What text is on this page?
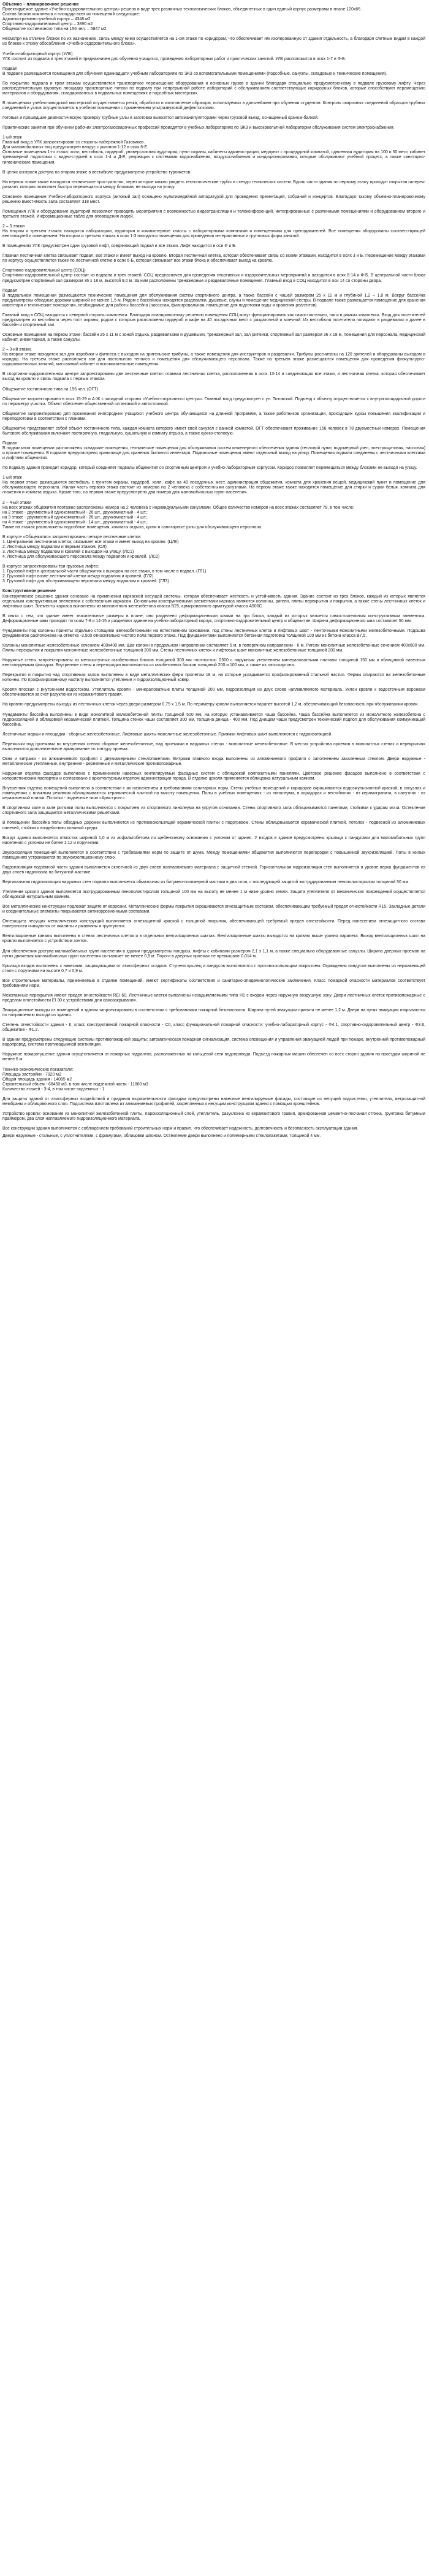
Объемно – планировочное решение

Проектируемое здание «Учебно-оздоровительного центра» решено в виде трех различных технологических блоков, объединенных в один единый корпус размерами в плане 120х66.

Состав блоков комплекса и площади всех их помещений следующие:

Административно-учебный корпус – 4348 м2

Спортивно-оздоровительный центр – 3890 м2

Общежитие гостиничного типа на 156 чел. – 5847 м2

Несмотря на отличие блоков по их назначению, связь между ними осуществляется на 1-ом этаже по коридорам, что обеспечивает им изолированную от здания отдельность, а благодаря слитным видам в каждой из блоков к отсеку обособления «Учебно-оздоровительного блока».

Учебно-лабораторный корпус (УЛК)

УЛК состоит из подвала и трех этажей и предназначен для обучения учащихся, проведения лабораторных работ и практических занятий. УЛК расположится в осях 1-7 и Ф-Б.

Подвал

В подвале размещаются помещения для обучения одиннадцати учебным лабораториям по ЭКЗ со вспомогательными помещениями (подсобные, санузлы, складовые и технические помещения).

По покрытию подвала и трем этажам осуществляется транспортное перемещение оборудования и основных грузов в здании благодаря специально предусмотренному в подвале грузовому лифту. Через распределительную грузовую площадку транспортные потоки по подвалу при непрерывной работе лабораторий с обслуживанием соответствующих коридорных блоков, которые способствуют перемещению материалов и оборудования, складированных в подвальных помещениях и подсобных мастерских.

В помещениях учебно-заводской мастерской осуществляется резка, обработка и изготовление образцов, используемых в дальнейшем при обучении студентов. Контроль сварочных соединений образцов трубных соединений и узлов осуществляется в учебном помещении с применением ультразвуковой дефектоскопии.

Готовые и прошедшие диагностическую проверку трубные узлы и заготовки вывозятся автоманипуляторами через грузовой въезд, оснащенный краном-балкой.

Практические занятия при обучении рабочих электрогазосварочных профессий проводятся в учебных лабораториях по ЭКЗ и высоковольтной лаборатории обслуживания систем электроснабжения.

1-ый этаж

Главный вход в УЛК запроектирован со стороны набережной Газовиков.

Для маломобильных лиц предусмотрен пандус с уклоном 1:12 в осях 6-Е.

Основные помещения 1-го этажа: холл, вестибюль, гардероб, универсальная аудитория, пункт охраны, кабинеты администрации, медпункт с процедурной комнатой, сдвоенная аудитория на 100 и 50 мест, кабинет тренажерной подготовки с видео-студией в осях 1-4 и Д-Е, рекреации с системами водоснабжения, воздухоснабжения и кондиционирования, которые обслуживают учебный процесс, а также санитарно-гигиенические помещения.

В целях контроля доступа на втором этаже в вестибюле предусмотрено устройство турникетов.

На первом этаже также находится техническое пространство, через которое можно увидеть технологические трубы и стенды технических систем. Вдоль части здания по первому этажу проходит открытая галерея-ризалит, которая позволяет быстро перемещаться между блоками, не выходя на улицу.

Основное помещение Учебно-лабораторного корпуса (актовый зал) оснащено мультимедийной аппаратурой для проведения презентаций, собраний и концертов. Благодаря такому объемно-планировочному решению вместимость зала составляет 318 мест.

Помещения УЛК и оборудование аудиторий позволяют проводить мероприятия с возможностью видеотрансляции и телеконференций, интегрированные с различными помещениями и оборудованием второго и третьего этажей. Информационные табло для оповещения людей.

2 – 3 этажи

На втором и третьем этажах находятся лаборатории, аудитории и компьютерные классы с лабораторными комнатами и помещениями для преподавателей. Все помещения оборудованы соответствующей вентиляцией и освещением. На втором и третьем этажах в осях 1-3 находятся помещения для проведения интерактивных и групповых форм занятий.

В помещениях УЛК предусмотрен один грузовой лифт, соединяющий подвал и все этажи. Лифт находится в оси Ф и Б.

Главная лестничная клетка связывает подвал, все этажи и имеет выход на кровлю. Вторая лестничная клетка, которая обеспечивает связь со всеми этажами, находится в осях 3 и Б. Перемещение между этажами по корпусу осуществляется также по лестничной клетке в осях 6-Б, которая связывает все этажи блока и обеспечивает выход на кровлю.

Спортивно-оздоровительный центр (СОЦ)

Спортивно-оздоровительный центр состоит из подвала и трех этажей. СОЦ предназначен для проведения спортивных и оздоровительных мероприятий и находится в осях 8-14 и Ф-Б. В центральной части блока предусмотрен спортивный зал размером 36 х 18 м, высотой 9,0 м. За ним расположены тренажерные и раздевалочные помещения. Главный вход в СОЦ находится в оси 14 со стороны двора.

Подвал

В подвальном помещении размещаются технические помещения для обслуживания систем спортивного центра, а также бассейн с чашей размером 25 х 11 м и глубиной 1,2 – 1,8 м. Вокруг бассейна предусмотрены обходные дорожки шириной не менее 1,5 м. Рядом с бассейном находятся раздевалки, душевые, сауны и помещение медицинской сестры. В подвале также размещается помещение для хранения инвентаря и технические помещения, необходимые для работы бассейна (насосная, фильтровальная, помещение для подготовки воды и хранения реагентов).

Главный вход в СОЦ находится с северной стороны комплекса. Благодаря планировочному решению помещения СОЦ могут функционировать как самостоятельно, так и в рамках комплекса. Вход для посетителей предусмотрен из вестибюля через пост охраны, рядом с которым расположены гардероб и кафе на 40 посадочных мест с раздаточной и моечной. Из вестибюля посетители попадают в раздевалки и далее в бассейн и спортивный зал.

Основные помещения на первом этаже: бассейн 25 х 11 м с зоной отдыха, раздевалками и душевыми, тренажерный зал, зал ритмики, спортивный зал размером 36 х 18 м, помещения для персонала, медицинский кабинет, инвентарная, а также санузлы.

2 – 3-ий этажи.

На втором этаже находится зал для аэробики и фитнеса с выходом на зрительские трибуны, а также помещения для инструкторов и раздевалки. Трибуны рассчитаны на 120 зрителей и оборудованы выходом в коридор. На третьем этаже расположен зал для настольного тенниса и помещения для обслуживающего персонала. Также на третьем этаже размещаются помещения для проведения физкультурно-оздоровительных занятий, массажный кабинет и вспомогательные помещения.

В спортивно-оздоровительном центре запроектированы две лестничные клетки: главная лестничная клетка, расположенная в осях 13-14 и соединяющая все этажи, и лестничная клетка, которая обеспечивает выход на кровлю и связь подвала с первым этажом.

Общежитие гостиничного типа на 156 чел. (ОГТ)

Общежитие запроектировано в осях 15-29 и А-Ж с западной стороны «Учебно-спортивного центра». Главный вход предусмотрен с ул. Титовской. Подъезд к объекту осуществляется с внутриплощадочной дороги по периметру участка. Объект обеспечен общественной остановкой и автостоянкой.

Общежитие запроектировано для проживания иногородних учащихся учебного центра обучающихся на длинной программе, а также работников организации, проходящих курсы повышения квалификации и переподготовки в соответствии с планами.

Общежитие представляет собой объект гостиничного типа, каждая комната которого имеет свой санузел с ванной комнатой. ОГТ обеспечивает проживание 156 человек в 78 двухместных номерах. Помещения бытового обслуживания включают постирочную, гладильную, сушильную и комнату отдыха, а также кухню-столовую.

Подвал

В подвальном помещении расположены складские помещения, технические помещения для обслуживания систем инженерного обеспечения здания (тепловой пункт, водомерный узел, электрощитовая, насосная) и прочие помещения. В подвале предусмотрено хранилище для хранения бытового инвентаря. Подвальные помещения имеют отдельный выход на улицу. Помещения подвала соединены с лестничными клетками и лифтами общежития.

По подвалу здания проходит коридор, который соединяет подвалы общежития со спортивным центром и учебно-лабораторным корпусом. Коридор позволяет перемещаться между блоками не выходя на улицу.

1-ый этаж

На первом этаже размещаются вестибюль с пунктом охраны, гардероб, холл, кафе на 40 посадочных мест, администрация общежития, комната для хранения вещей, медицинский пункт и помещение для обслуживающего персонала. Жилая часть первого этажа состоит из номеров на 2 человека с собственными санузлами. На первом этаже также находится помещение для стирки и сушки белья, комната для глажения и комната отдыха. Кроме того, на первом этаже предусмотрено два номера для маломобильных групп населения.

2 – 4-ый этажи

На всех этажах общежития поэтажно расположены номера на 2 человека с индивидуальными санузлами. Общее количество номеров на всех этажах составляет 78, в том числе:

на 2 этаже - двухместный однокомнатный - 26 шт., двухкомнатный - 4 шт.;

на 3 этаже - двухместный однокомнатный - 26 шт., двухкомнатный - 4 шт.;

на 4 этаже - двухместный однокомнатный - 14 шт., двухкомнатный - 4 шт.;

Также на этажах расположены подсобные помещения, комнаты отдыха, кухни и санитарные узлы для обслуживающего персонала.

В корпусе «Общежития» запроектированы четыре лестничные клетки:

1. Центральная лестничная клетка, связывает все этажи и имеет выход на кровлю. (ЦЛК)

2. Лестница между подвалом и первым этажом. (ОЛ)

3. Лестница между подвалом и кровлей с выходом на улицу. (ЛС1)

4. Лестница для обслуживающего персонала между подвалом и кровлей. (ЛС2)

В корпусе запроектированы три грузовых лифта:

1. Грузовой лифт в центральной части общежития с выходом на все этажи, в том числе в подвал. (ГЛ1)

2. Грузовой лифт возле лестничной клетки между подвалом и кровлей. (ГЛ2)

3. Грузовой лифт для обслуживающего персонала между подвалом и кровлей. (ГЛ3)

Конструктивное решение

Конструктивное решение здания основано на применении каркасной несущей системы, которая обеспечивает жесткость и устойчивость здания. Здание состоит из трех блоков, каждый из которых является отдельным конструктивным элементом с собственным каркасом. Основными конструктивными элементами каркаса являются колонны, ригели, плиты перекрытия и покрытия, а также стены лестничных клеток и лифтовых шахт. Элементы каркаса выполнены из монолитного железобетона класса B25, армированного арматурой класса А500С.

В связи с тем, что здание имеет значительные размеры в плане, оно разделено деформационными швами на три блока, каждый из которых является самостоятельным конструктивным элементом. Деформационные швы проходят по осям 7-8 и 14-15 и разделяют здание на учебно-лабораторный корпус, спортивно-оздоровительный центр и общежитие. Ширина деформационного шва составляет 50 мм.

Фундаменты под колонны приняты отдельно стоящими железобетонными на естественном основании, под стены лестничных клеток и лифтовых шахт - ленточными монолитными железобетонными. Подошва фундаментов расположена на отметке -3,500 относительно чистого пола первого этажа. Под фундаментами выполняется бетонная подготовка толщиной 100 мм из бетона класса B7,5.

Колонны монолитные железобетонные сечением 400х400 мм. Шаг колонн в продольном направлении составляет 6 м, в поперечном направлении - 6 м. Ригели монолитные железобетонные сечением 400х600 мм. Плиты перекрытия и покрытия монолитные железобетонные толщиной 200 мм. Стены лестничных клеток и лифтовых шахт монолитные железобетонные толщиной 200 мм.

Наружные стены запроектированы из мелкоштучных газобетонных блоков толщиной 300 мм плотностью D500 с наружным утеплением минераловатными плитами толщиной 150 мм и облицовкой навесным вентилируемым фасадом. Внутренние стены и перегородки выполняются из газобетонных блоков толщиной 200 и 100 мм, а также из гипсокартона.

Перекрытия и покрытия над спортивным залом выполнены в виде металлических ферм пролетом 18 м, на которые укладывается профилированный стальной настил. Фермы опираются на железобетонные колонны. По профилированному настилу выполняется утепление и гидроизоляционный ковер.

Кровля плоская с внутренним водостоком. Утеплитель кровли - минераловатные плиты толщиной 200 мм, гидроизоляция из двух слоев наплавляемого материала. Уклон кровли к водосточным воронкам обеспечивается за счет разуклонки из керамзитового гравия.

На кровлю предусмотрены выходы из лестничных клеток через двери размером 0,75 x 1,5 м. По периметру кровли выполняется парапет высотой 1,2 м, обеспечивающий безопасность при обслуживании кровли.

Фундаменты бассейна выполнены в виде монолитной железобетонной плиты толщиной 500 мм, на которую устанавливается чаша бассейна. Чаша бассейна выполняется из монолитного железобетона с гидроизоляцией и облицовкой керамической плиткой. Толщина стенок чаши составляет 300 мм, толщина днища - 400 мм. Под днищем чаши предусмотрен технический подпол для обслуживания коммуникаций бассейна.

Лестничные марши и площадки - сборные железобетонные. Лифтовые шахты монолитные железобетонные. Приямки лифтовых шахт выполняются с гидроизоляцией.

Перемычки над проемами во внутренних стенах сборные железобетонные, над проемами в наружных стенах - монолитные железобетонные. В местах устройства проемов в монолитных стенах и перекрытиях выполняются дополнительное армирование по контуру проема.

Окна и витражи - из алюминиевого профиля с двухкамерными стеклопакетами. Витражи главного входа выполнены из алюминиевого профиля с заполнением закаленным стеклом. Двери наружные - металлические утепленные, внутренние - деревянные и металлические противопожарные.

Наружная отделка фасадов выполнена с применением навесных вентилируемых фасадных систем с облицовкой композитными панелями. Цветовое решение фасадов выполнено в соответствии с колористическим паспортом и согласовано с архитектурным отделом администрации города. В отделке цоколя применяется облицовка натуральным камнем.

Внутренняя отделка помещений выполнена в соответствии с их назначением и требованиями санитарных норм. Стены учебных помещений и коридоров окрашиваются водоэмульсионной краской, в санузлах и помещениях с влажным режимом облицовываются керамической плиткой на высоту помещения. Полы в учебных помещениях - из линолеума, в коридорах и вестибюлях - из керамогранита, в санузлах - из керамической плитки. Потолки - подвесные типа «Армстронг».

В спортивном зале и зале ритмики полы выполняются с покрытием из спортивного линолеума на упругом основании. Стены спортивного зала облицовываются панелями, стойкими к ударам мяча. Остекление спортивного зала защищается металлическими решетками.

В помещении бассейна полы обходных дорожек выполняются из противоскользящей керамической плитки с подогревом. Стены облицовываются керамической плиткой, потолок - подвесной из алюминиевых панелей, стойких к воздействию влажной среды.

Вокруг здания выполняется отмостка шириной 1,0 м из асфальтобетона по щебеночному основанию с уклоном от здания. У входов в здание предусмотрены крыльца с пандусами для маломобильных групп населения с уклоном не более 1:12 и поручнями.

Звукоизоляция помещений выполняется в соответствии с требованиями норм по защите от шума. Между помещениями общежития выполняются перегородки с повышенной звукоизоляцией. Полы в жилых помещениях устраиваются по звукоизоляционному слою.

Гидроизоляция подземной части здания выполняется оклеечной из двух слоев наплавляемого материала с защитной стенкой. Горизонтальная гидроизоляция стен выполняется в уровне верха фундаментов из двух слоев гидроизола на битумной мастике.

Вертикальная гидроизоляция наружных стен подвала выполняется обмазочная из битумно-полимерной мастики в два слоя, с последующей защитой экструдированным пенополистиролом толщиной 50 мм.

Утепление цоколя здания выполняется экструдированным пенополистиролом толщиной 100 мм на высоту не менее 1 м ниже уровня земли. Защита утеплителя от механических повреждений осуществляется облицовкой натуральным камнем.

Все металлические конструкции подлежат защите от коррозии. Металлические фермы покрытия окрашиваются огнезащитным составом, обеспечивающим требуемый предел огнестойкости R15. Закладные детали и соединительные элементы покрываются антикоррозионными составами.

Огнезащита несущих металлических конструкций выполняется огнезащитной краской с толщиной покрытия, обеспечивающей требуемый предел огнестойкости. Перед нанесением огнезащитного состава поверхности очищаются от окалины и ржавчины и грунтуются.

Вентиляционные каналы выполнены в стенах лестничных клеток и в отдельных вентиляционных шахтах. Вентиляционные шахты выводятся на кровлю выше уровня парапета. Выход вентиляционных шахт на кровлю выполняется с устройством зонтов.

Для обеспечения доступа маломобильных групп населения в здании предусмотрены пандусы, лифты с кабинами размером 2,1 х 1,1 м, а также специально оборудованные санузлы. Ширина дверных проемов на путях движения маломобильных групп населения составляет не менее 0,9 м. Пороги в дверных проемах не превышают 0,014 м.

Крыльца входов выполнены с навесами, защищающими от атмосферных осадков. Ступени крылец и пандусов выполняются с противоскользящим покрытием. Ограждения пандусов выполнены из нержавеющей стали с поручнями на высоте 0,7 и 0,9 м.

Все строительные материалы, применяемые в отделке помещений, имеют сертификаты соответствия и санитарно-эпидемиологические заключения. Класс пожарной опасности материалов соответствует требованиям норм.

Межэтажные перекрытия имеют предел огнестойкости REI 60. Лестничные клетки выполнены незадымляемыми типа Н1 с входом через наружную воздушную зону. Двери лестничных клеток противопожарные с пределом огнестойкости EI 30 с устройствами для самозакрывания.

Эвакуационные выходы из помещений и здания запроектированы в соответствии с требованиями пожарной безопасности. Ширина путей эвакуации принята не менее 1,2 м. Двери на путях эвакуации открываются по направлению выхода из здания.

Степень огнестойкости здания - II, класс конструктивной пожарной опасности - C0, класс функциональной пожарной опасности: учебно-лабораторный корпус - Ф4.1, спортивно-оздоровительный центр - Ф3.6, общежитие - Ф1.2.

В здании предусмотрены следующие системы противопожарной защиты: автоматическая пожарная сигнализация, система оповещения и управления эвакуацией людей при пожаре, внутренний противопожарный водопровод, система противодымной вентиляции.

Наружное пожаротушение здания осуществляется от пожарных гидрантов, расположенных на кольцевой сети водопровода. Подъезд пожарных машин обеспечен со всех сторон здания по проездам шириной не менее 6 м.

Технико-экономические показатели:

Площадь застройки - 7920 м2

Общая площадь здания - 14085 м2

Строительный объем - 68450 м3, в том числе подземной части - 11880 м3

Количество этажей - 3-4, в том числе подземных - 1

Для защиты зданий от атмосферных воздействий и придания выразительности фасадам предусмотрены навесные вентилируемые фасады, состоящие из несущей подсистемы, утеплителя, ветрозащитной мембраны и облицовочного слоя. Подсистема изготовлена из алюминиевых профилей, закрепленных к несущим конструкциям здания с помощью кронштейнов.

Устройство кровли: основание из монолитной железобетонной плиты, пароизоляционный слой, утеплитель, разуклонка из керамзитового гравия, армированная цементно-песчаная стяжка, грунтовка битумным праймером, два слоя наплавляемого гидроизоляционного материала.

Все конструкции здания выполняются с соблюдением требований строительных норм и правил, что обеспечивает надежность, долговечность и безопасность эксплуатации здания.

Двери наружные - стальные, с уплотнителями, с фрамугами, облицовки шпоном. Остекление двери выполнено и полимерными стеклопакетами, толщиной 4 мм.
